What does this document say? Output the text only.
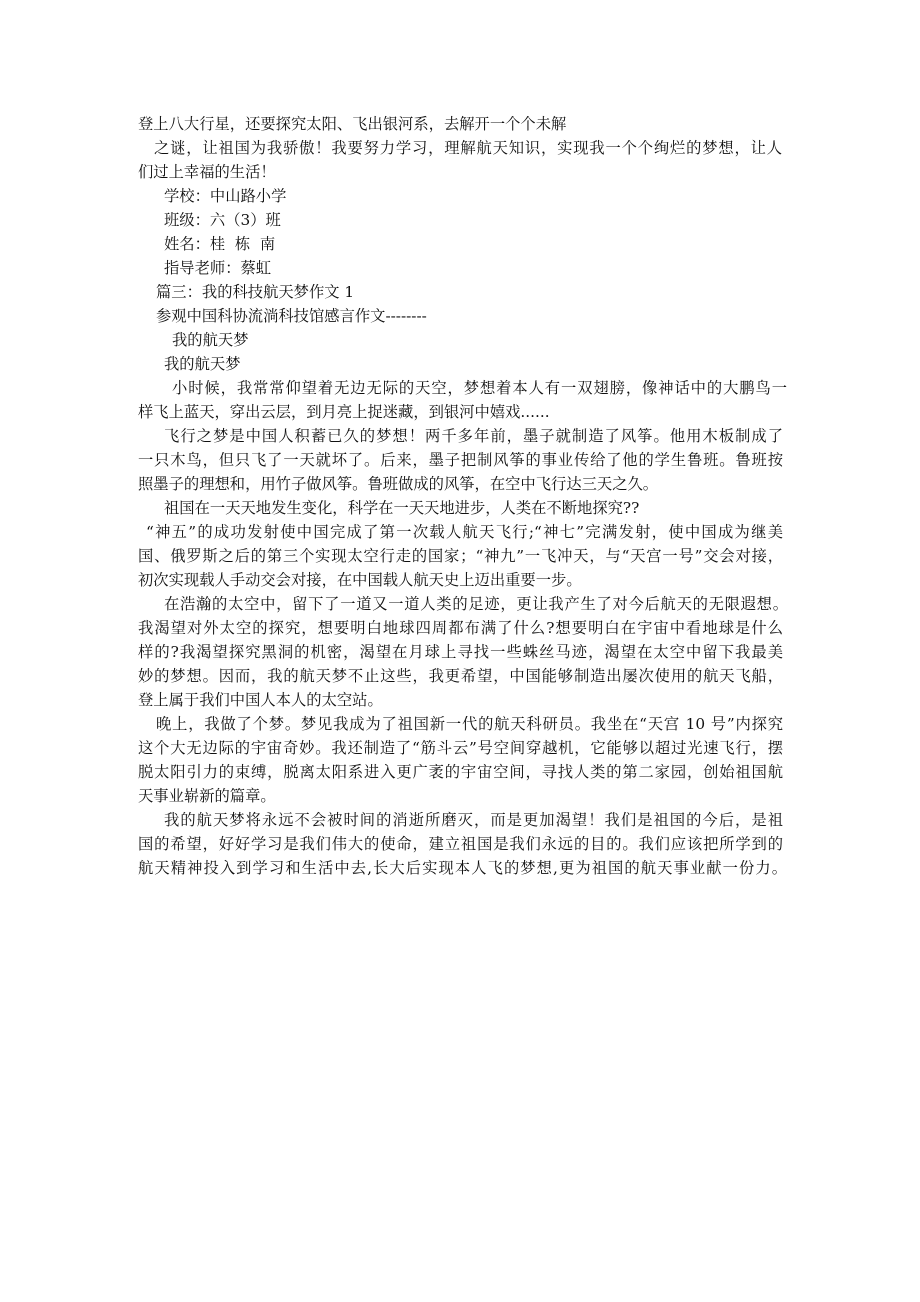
登上八大行星，还要探究太阳、飞出银河系，去解开一个个未解
之谜，让祖国为我骄傲！我要努力学习，理解航天知识，实现我一个个绚烂的梦想，让人
们过上幸福的生活！
学校：中山路小学
班级：六（3）班
姓名：桂  栋  南
指导老师：蔡虹
篇三：我的科技航天梦作文 1
参观中国科协流淌科技馆感言作文--------
我的航天梦
我的航天梦
小时候，我常常仰望着无边无际的天空，梦想着本人有一双翅膀，像神话中的大鹏鸟一
样飞上蓝天，穿出云层，到月亮上捉迷藏，到银河中嬉戏......
飞行之梦是中国人积蓄已久的梦想！两千多年前，墨子就制造了风筝。他用木板制成了
一只木鸟，但只飞了一天就坏了。后来，墨子把制风筝的事业传给了他的学生鲁班。鲁班按
照墨子的理想和，用竹子做风筝。鲁班做成的风筝，在空中飞行达三天之久。
祖国在一天天地发生变化，科学在一天天地进步，人类在不断地探究??
“神五”的成功发射使中国完成了第一次载人航天飞行;“神七”完满发射，使中国成为继美
国、俄罗斯之后的第三个实现太空行走的国家；“神九”一飞冲天，与“天宫一号”交会对接，
初次实现载人手动交会对接，在中国载人航天史上迈出重要一步。
在浩瀚的太空中，留下了一道又一道人类的足迹，更让我产生了对今后航天的无限遐想。
我渴望对外太空的探究，想要明白地球四周都布满了什么?想要明白在宇宙中看地球是什么
样的?我渴望探究黑洞的机密，渴望在月球上寻找一些蛛丝马迹，渴望在太空中留下我最美
妙的梦想。因而，我的航天梦不止这些，我更希望，中国能够制造出屡次使用的航天飞船，
登上属于我们中国人本人的太空站。
晚上，我做了个梦。梦见我成为了祖国新一代的航天科研员。我坐在“天宫 10 号”内探究
这个大无边际的宇宙奇妙。我还制造了“筋斗云”号空间穿越机，它能够以超过光速飞行，摆
脱太阳引力的束缚，脱离太阳系进入更广袤的宇宙空间，寻找人类的第二家园，创始祖国航
天事业崭新的篇章。
我的航天梦将永远不会被时间的消逝所磨灭，而是更加渴望！我们是祖国的今后，是祖
国的希望，好好学习是我们伟大的使命，建立祖国是我们永远的目的。我们应该把所学到的
航天精神投入到学习和生活中去,长大后实现本人飞的梦想,更为祖国的航天事业献一份力。
